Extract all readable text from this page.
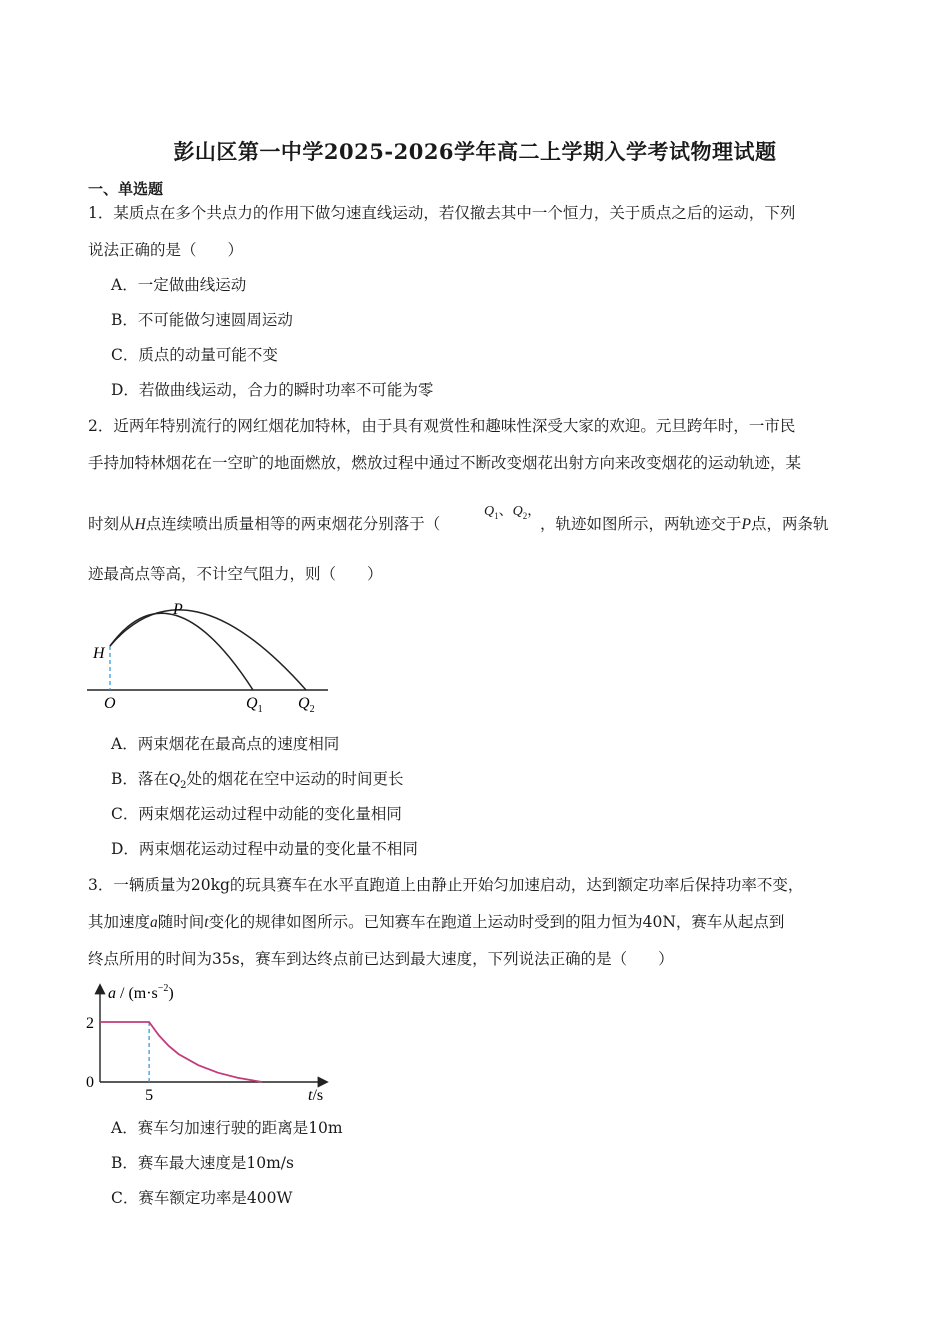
彭山区第一中学2025-2026学年高二上学期入学考试物理试题
一、单选题
1．某质点在多个共点力的作用下做匀速直线运动，若仅撤去其中一个恒力，关于质点之后的运动，下列
说法正确的是（　　）
A．一定做曲线运动
B．不可能做匀速圆周运动
C．质点的动量可能不变
D．若做曲线运动，合力的瞬时功率不可能为零
2．近两年特别流行的网红烟花加特林，由于具有观赏性和趣味性深受大家的欢迎。元旦跨年时，一市民
手持加特林烟花在一空旷的地面燃放，燃放过程中通过不断改变烟花出射方向来改变烟花的运动轨迹，某
时刻从H点连续喷出质量相等的两束烟花分别落于（
$Q_1$、$Q_2$，
，轨迹如图所示，两轨迹交于P点，两条轨
迹最高点等高，不计空气阻力，则（　　）
H
P
O	$Q_1$ $Q_2$
A．两束烟花在最高点的速度相同
B．落在$Q_2$处的烟花在空中运动的时间更长
C．两束烟花运动过程中动能的变化量相同
D．两束烟花运动过程中动量的变化量不相同
3．一辆质量为20kg的玩具赛车在水平直跑道上由静止开始匀加速启动，达到额定功率后保持功率不变，
其加速度a随时间t变化的规律如图所示。已知赛车在跑道上运动时受到的阻力恒为40N，赛车从起点到
终点所用的时间为35s，赛车到达终点前已达到最大速度，下列说法正确的是（　　）
$a / (m\cdot s^{-2})$
2
0
5	t/s
A．赛车匀加速行驶的距离是10m
B．赛车最大速度是10m/s
C．赛车额定功率是400W
